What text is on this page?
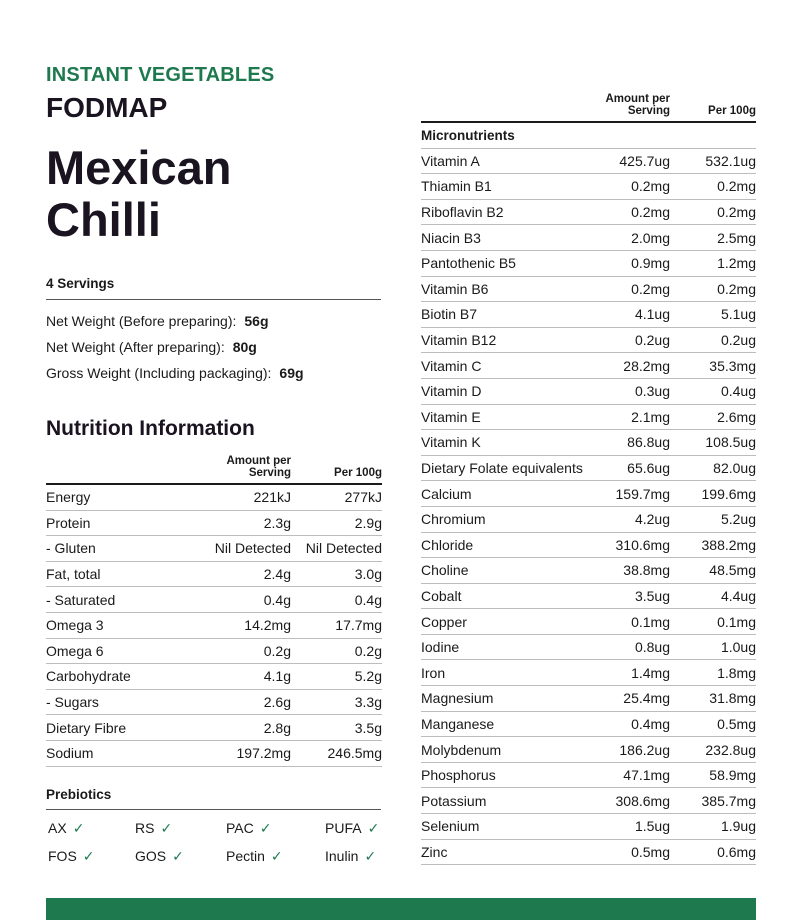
INSTANT VEGETABLES
FODMAP
Mexican
Chilli
4 Servings
Net Weight (Before preparing): 56g
Net Weight (After preparing): 80g
Gross Weight (Including packaging): 69g
Nutrition Information
	Amount per Serving	Per 100g
Energy	221kJ	277kJ
Protein	2.3g	2.9g
- Gluten	Nil Detected	Nil Detected
Fat, total	2.4g	3.0g
- Saturated	0.4g	0.4g
Omega 3	14.2mg	17.7mg
Omega 6	0.2g	0.2g
Carbohydrate	4.1g	5.2g
- Sugars	2.6g	3.3g
Dietary Fibre	2.8g	3.5g
Sodium	197.2mg	246.5mg
	Amount per Serving	Per 100g
Micronutrients		
Vitamin A	425.7ug	532.1ug
Thiamin B1	0.2mg	0.2mg
Riboflavin B2	0.2mg	0.2mg
Niacin B3	2.0mg	2.5mg
Pantothenic B5	0.9mg	1.2mg
Vitamin B6	0.2mg	0.2mg
Biotin B7	4.1ug	5.1ug
Vitamin B12	0.2ug	0.2ug
Vitamin C	28.2mg	35.3mg
Vitamin D	0.3ug	0.4ug
Vitamin E	2.1mg	2.6mg
Vitamin K	86.8ug	108.5ug
Dietary Folate equivalents	65.6ug	82.0ug
Calcium	159.7mg	199.6mg
Chromium	4.2ug	5.2ug
Chloride	310.6mg	388.2mg
Choline	38.8mg	48.5mg
Cobalt	3.5ug	4.4ug
Copper	0.1mg	0.1mg
Iodine	0.8ug	1.0ug
Iron	1.4mg	1.8mg
Magnesium	25.4mg	31.8mg
Manganese	0.4mg	0.5mg
Molybdenum	186.2ug	232.8ug
Phosphorus	47.1mg	58.9mg
Potassium	308.6mg	385.7mg
Selenium	1.5ug	1.9ug
Zinc	0.5mg	0.6mg
Prebiotics
AX ✓	RS ✓	PAC ✓	PUFA ✓
FOS ✓	GOS ✓	Pectin ✓	Inulin ✓
